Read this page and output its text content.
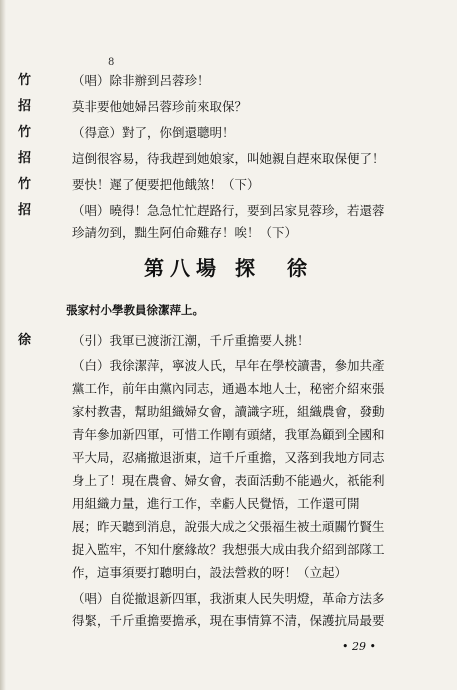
8
竹	（唱）除非辦到呂蓉珍！
招	莫非要他她婦呂蓉珍前來取保？
竹	（得意）對了，你倒還聰明！
招	這倒很容易，待我趕到她娘家，叫她親自趕來取保便了！
竹	要快！遲了便要把他餓煞！（下）
招	（唱）曉得！急急忙忙趕路行，要到呂家見蓉珍，若還蓉
珍請勿到，黜生阿伯命難存！唉！（下）
第八場 探　徐
張家村小學教員徐潔萍上。
徐	（引）我軍已渡浙江潮，千斤重擔要人挑！
（白）我徐潔萍，寧波人氏，早年在學校讀書，參加共產
黨工作，前年由黨內同志，通過本地人士，秘密介紹來張
家村教書，幫助組織婦女會，讀識字班，組織農會，發動
青年參加新四軍，可惜工作剛有頭緒，我軍為顧到全國和
平大局，忍痛撤退浙東，這千斤重擔，又落到我地方同志
身上了！現在農會、婦女會，表面活動不能過火，祇能利
用組織力量，進行工作，幸虧人民覺悟，工作還可開
展；昨天聽到消息，說張大成之父張福生被土頑關竹賢生
捉入監牢，不知什麼緣故？我想張大成由我介紹到部隊工
作，這事須要打聽明白，設法營救的呀！（立起）
（唱）自從撤退新四軍，我浙東人民失明燈，革命方法多
得緊，千斤重擔要擔承，現在事情算不清，保護抗局最要
• 29 •
